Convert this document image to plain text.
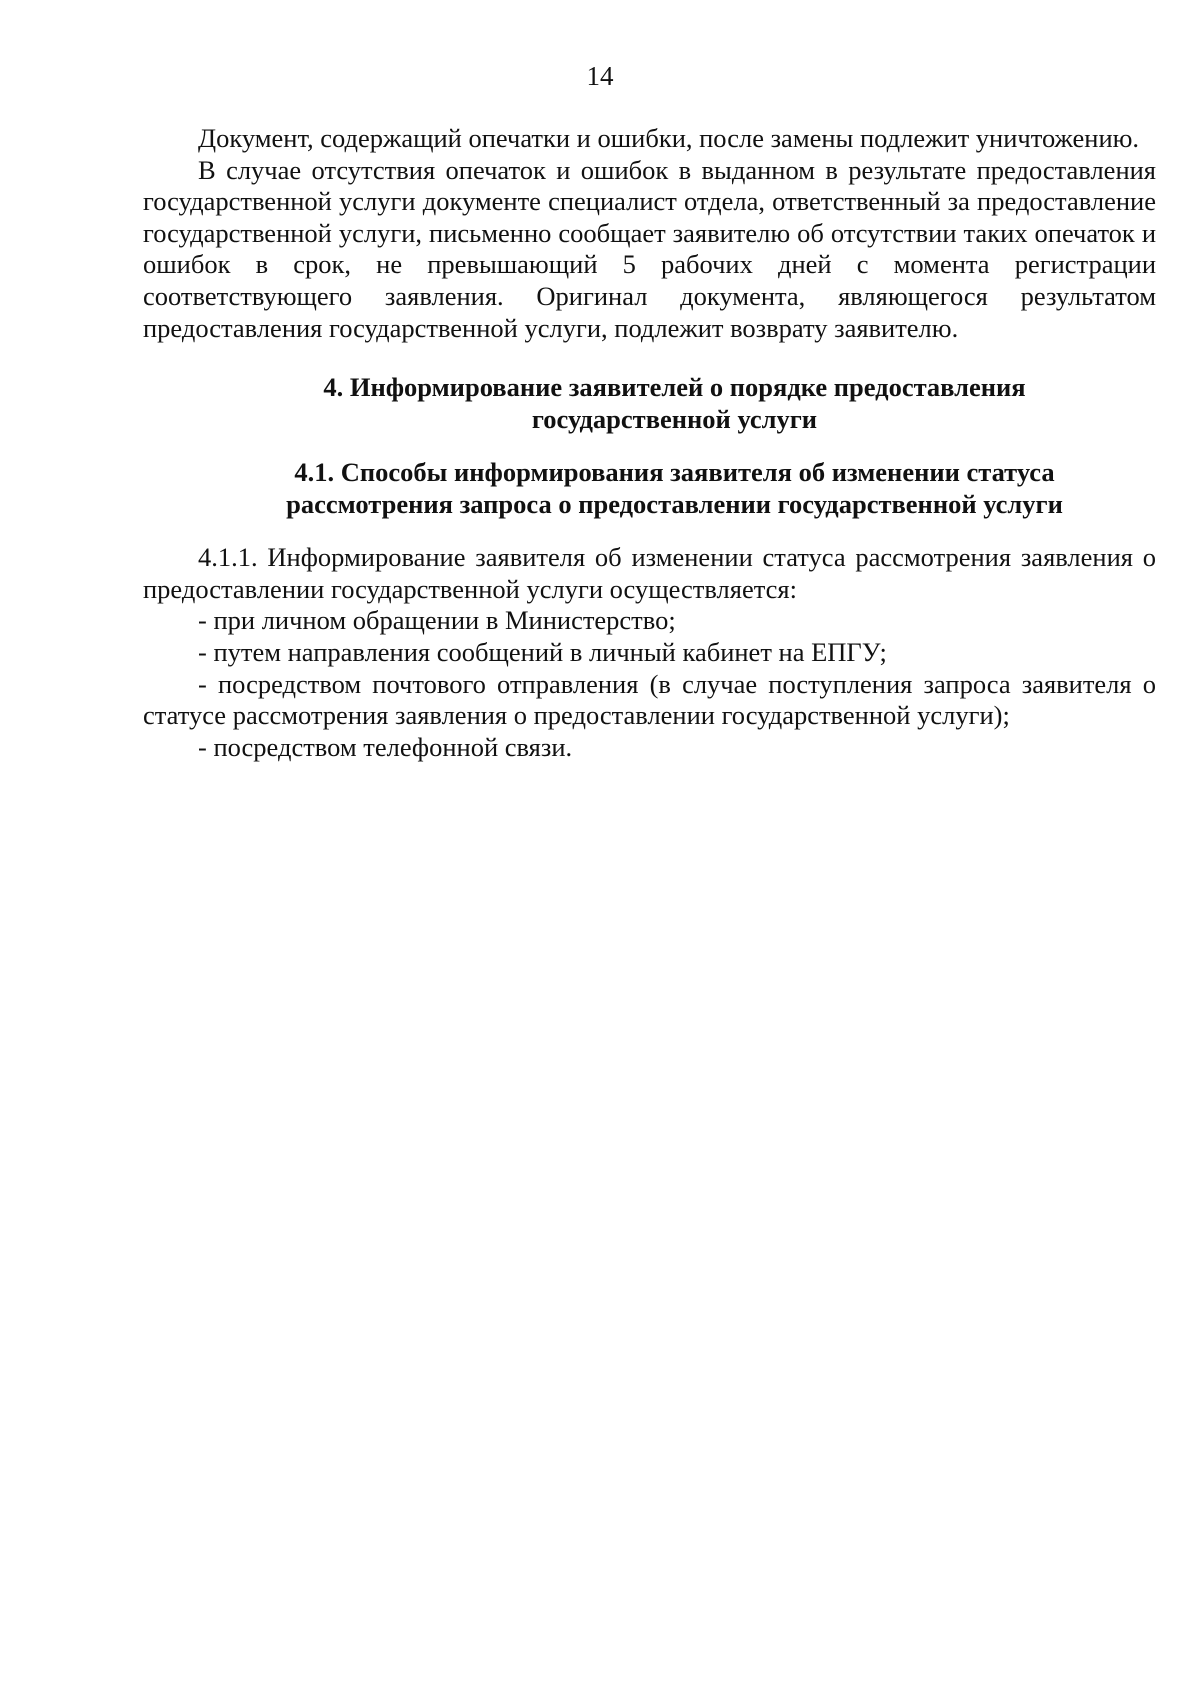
14

Документ, содержащий опечатки и ошибки, после замены подлежит уничтожению.

В случае отсутствия опечаток и ошибок в выданном в результате предоставления государственной услуги документе специалист отдела, ответственный за предоставление государственной услуги, письменно сообщает заявителю об отсутствии таких опечаток и ошибок в срок, не превышающий 5 рабочих дней с момента регистрации соответствующего заявления. Оригинал документа, являющегося результатом предоставления государственной услуги, подлежит возврату заявителю.

4. Информирование заявителей о порядке предоставления
государственной услуги
4.1. Способы информирования заявителя об изменении статуса
рассмотрения запроса о предоставлении государственной услуги

4.1.1. Информирование заявителя об изменении статуса рассмотрения заявления о предоставлении государственной услуги осуществляется:

- при личном обращении в Министерство;

- путем направления сообщений в личный кабинет на ЕПГУ;

- посредством почтового отправления (в случае поступления запроса заявителя о статусе рассмотрения заявления о предоставлении государственной услуги);

- посредством телефонной связи.
